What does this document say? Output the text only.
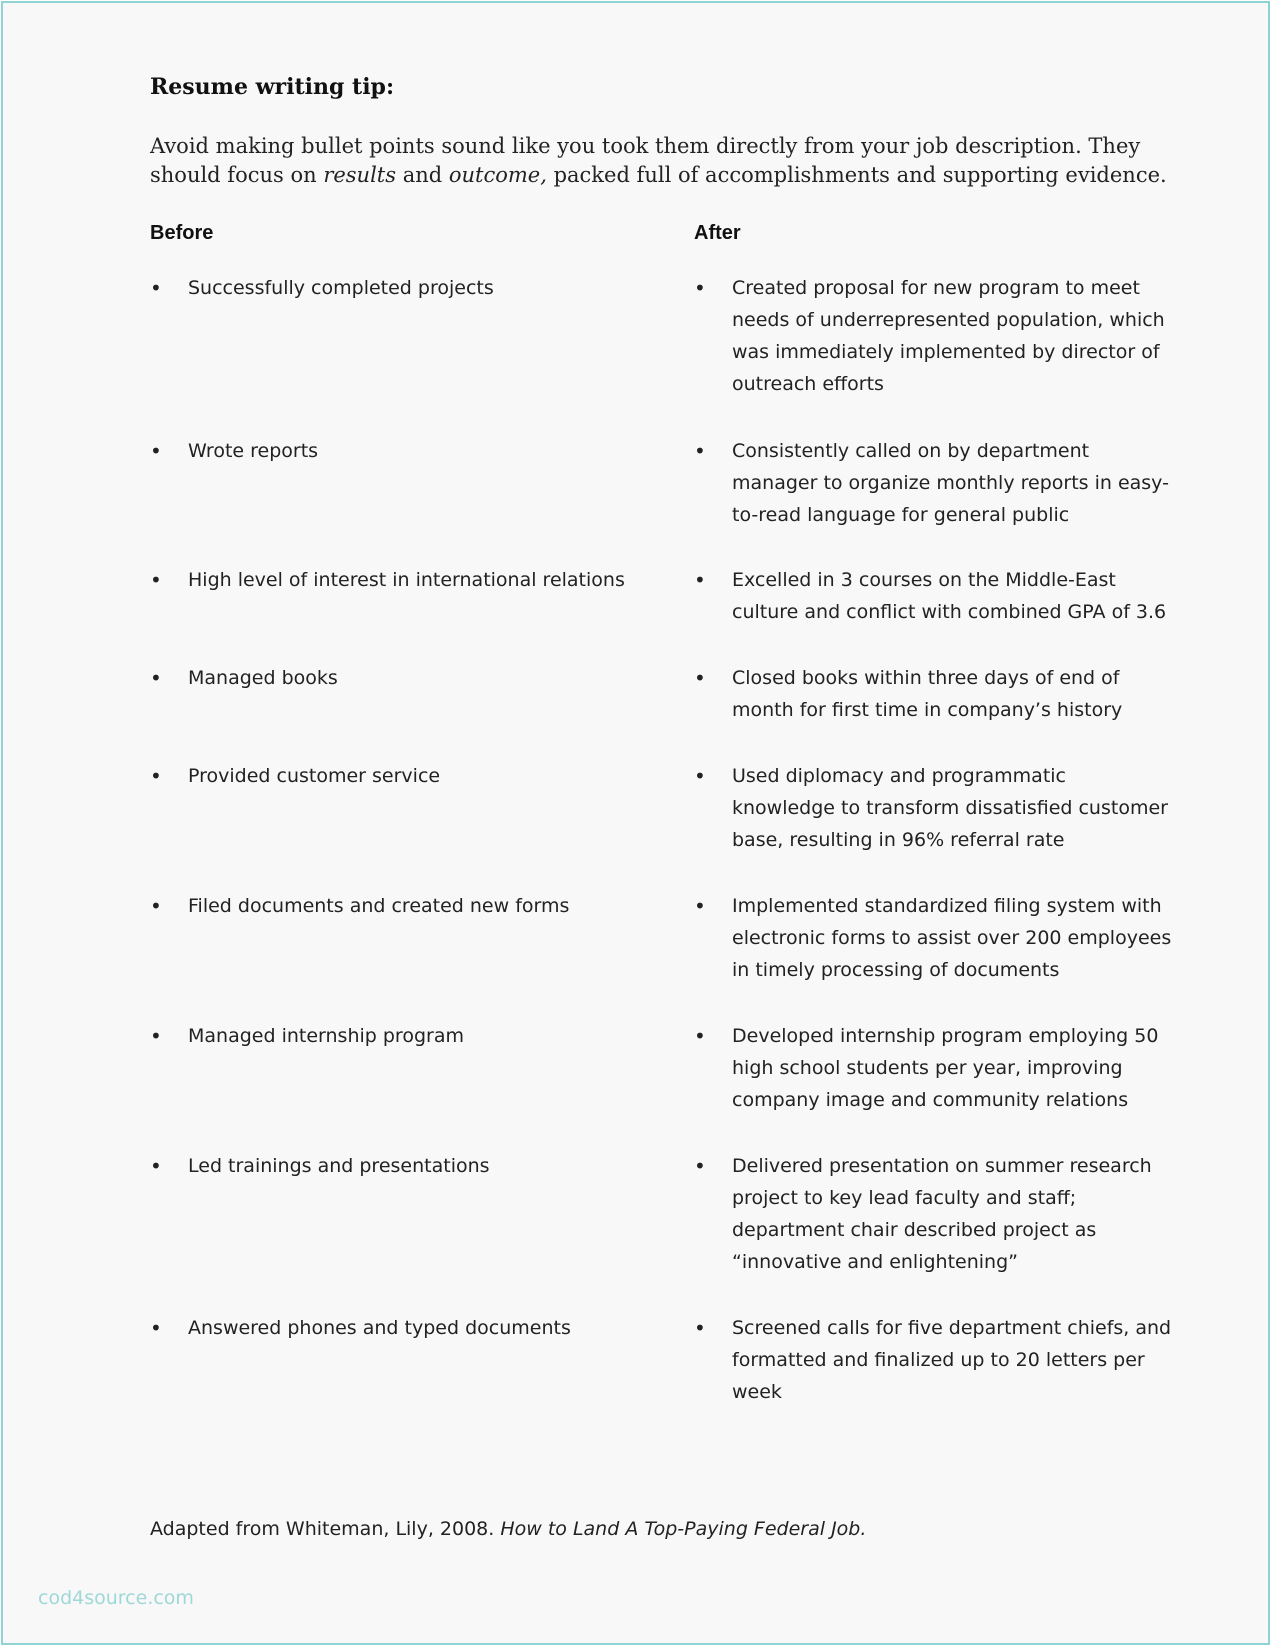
Resume writing tip:

Avoid making bullet points sound like you took them directly from your job description. They should focus on results and outcome, packed full of accomplishments and supporting evidence.

Before	After
•	Successfully completed projects	•	Created proposal for new program to meet needs of underrepresented population, which was immediately implemented by director of outreach efforts
•	Wrote reports	•	Consistently called on by department manager to organize monthly reports in easy-to-read language for general public
•	High level of interest in international relations	•	Excelled in 3 courses on the Middle-East culture and conflict with combined GPA of 3.6
•	Managed books	•	Closed books within three days of end of month for first time in company’s history
•	Provided customer service	•	Used diplomacy and programmatic knowledge to transform dissatisfied customer base, resulting in 96% referral rate
•	Filed documents and created new forms	•	Implemented standardized filing system with electronic forms to assist over 200 employees in timely processing of documents
•	Managed internship program	•	Developed internship program employing 50 high school students per year, improving company image and community relations
•	Led trainings and presentations	•	Delivered presentation on summer research project to key lead faculty and staff; department chair described project as “innovative and enlightening”
•	Answered phones and typed documents	•	Screened calls for five department chiefs, and formatted and finalized up to 20 letters per week

Adapted from Whiteman, Lily, 2008. How to Land A Top-Paying Federal Job.

cod4source.com
